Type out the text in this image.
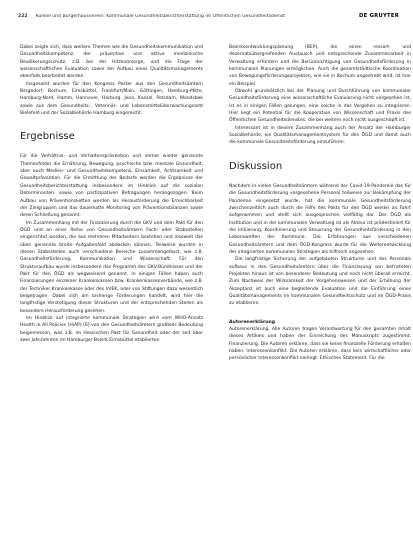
222 Kunkel und Bürgerhausverein: Kommunale Gesundheitsberichterstattung im Öffentlichen Gesundheitsdienst	DE GRUYTER

Dabei zeigte sich, dass weitere Themen wie die Gesundheitskommunikation und Gesundheitskompetenz, der präventive und aktive medizinische Bevölkerungsschutz, z.B. bei der Hitzevorsorge, und die Frage der wissenschaftlichen Evaluation sowie der Aufbau eines Qualitätsmanagements ebenfalls bearbeitet werden.

Insgesamt wurden für den Kongress Poster aus den Gesundheitsämtern Bergedorf, Bochum, Eimsbüttel, Frankfurt/Main, Göttingen, Hamburg-Mitte, Hamburg-Nord, Hamm, Hannover, Harburg, Jena, Kassel, Potsdam, Wandsbek sowie aus dem Gesundheits-, Veterinär- und Lebensmittelüberwachungsamt Bielefeld und der Sozialbehörde Hamburg eingereicht.

Ergebnisse

Für die Verhältnis- und Verhaltensprävention und immer wieder genannte Themenfelder die Ernährung, Bewegung, psychische bzw. mentale Gesundheit, aber auch Medien- und Gesundheitskompetenz, Einsamkeit, Achtsamkeit und Gewaltprävention. Für die Ermittlung der Bedarfe werden die Ergebnisse der Gesundheitsberichterstattung insbesondere im Hinblick auf die sozialen Determinanten, sowie von partizipativen Befragungen herangezogen. Beim Aufbau von Präventionsketten werden als Herausforderung die Erreichbarkeit der Zielgruppen und das dauerhafte Monitoring von Präventionsbilanzen sowie deren Schließung genannt.

Im Zusammenhang mit der Finanzierung durch die GKV und dem Pakt für den ÖGD und an einer Reihe von Gesundheitsämtern Fach- oder Stabsstellen eingerichtet worden, die aus mehreren Mitarbeitern bestehen und insoweit das oben genannte breite Aufgabenfeld abdecken können. Teilweise wurden in diesen Stabsstellen auch verschiedene Bereiche zusammengefasst, wie z.B. Gesundheitsförderung, Kommunikation und Wissenschaft. Für den Strukturaufbau wurde insbesondere das Programm des GKV-Bündnisses und der Pakt für den ÖGD als wegweisend genannt. In einigen Fällen haben auch Finanzierungen einzelner Krankenkassen bzw. Krankenkassenverbände, wie z.B. der Techniker Krankenkasse oder des VdEK, oder von Stiftungen dazu wesentlich beigetragen. Dabei sich am bisherige Förderungen handelt, wird hier die langfristige Verstetigung dieser Strukturen und der entsprechenden Stellen als besondere Herausforderung gesehen.

Im Hinblick auf integrierte kommunale Strategien wird vom WHO-Ansatz Health in All Policies (HiAP) [6] von den Gesundheitsämtern großteils Bedeutung beigemessen, was z.B. im Hessischen Pakt für Gesundheit oder der seit über zwei Jahrzehnten im Hamburger Bezirk Eimsbüttel etablierten

Bezirksentwicklungsplanung (BEP), die einen ressort- und dezernatsübergreifenden Austausch und entsprechende Zusammenarbeit in Verwaltung erfordern und die Berücksichtigung von Gesundheitsförderung in kommunalen Planungen ermöglichen. Auch die gesamtstädtische Koordination von Bewegungsförderungsprojekten, wie sie in Bochum angestrebt wird, ist hier ein Beispiel.

Obwohl grundsätzlich bei der Planung und Durchführung von kommunaler Gesundheitsförderung eine wissenschaftliche Evaluierung nicht vorgesehen ist, ist es in einigen Fällen gelungen, eine solche in das Vorgehen zu integrieren. Hier liegt ein Potential für die Kooperation von Wissenschaft und Praxis des Öffentlichen Gesundheitsdienstes, die bei weitem noch nicht ausgeschöpft ist.

Interessant ist in diesem Zusammenhang auch der Ansatz der Hamburger Sozialbehörde, ein Qualitätsmanagementsystem für den ÖGD und damit auch die kommunale Gesundheitsförderung einzuführen.

Diskussion

Nachdem in vielen Gesundheitsämtern während der Covid-19-Pandemie das für die Gesundheitsförderung vorgesehene Personal teilweise zur Bekämpfung der Pandemie eingesetzt wurde, hat die kommunale Gesundheitsförderung zwischenzeitlich auch durch die Hilfe des Pakts für den ÖGD wieder an Fahrt aufgenommen und stellt sich ausgesprochen vielfältig dar. Der ÖGD als Institution und in der kommunalen Verwaltung ist als Akteur ist prädestiniert für die Initiierung, Koordinierung und Steuerung der Gesundheitsförderung in den Lebenswelten der Kommune. Die Erfahrungen aus verschiedenen Gesundheitsämtern und dem ÖGD-Kongress wurde für die Weiterentwicklung der integrierten kommunalen Strategien als hilfreich angesehen.

Die langfristige Sicherung der aufgebauten Strukturen und des Personals aufbaus in den Gesundheitsämtern über die Finanzierung von befristeten Projekten hinaus ist von besonderer Bedeutung und noch nicht überall erreicht. Zum Nachweis der Wirksamkeit der Vorgehensweisen und der Erhöhung der Akzeptanz ist auch eine begleitende Evaluation und die Einführung eines Qualitätsmanagements im kommunalen Gesundheitsschutz und im ÖGD-Praxis zu etablieren.

Autorenerklärung

Autorenerklärung. Alle Autoren tragen Verantwortung für den gesamten Inhalt dieses Artikels und haben der Einreichung des Manuskripts zugestimmt. Finanzierung. Die Autoren erklären, dass sie keine finanzielle Förderung erhalten haben. Interessenkonflikt. Die Autoren erklären, dass kein wirtschaftlicher oder persönlicher Interessenkonflikt vorliegt. Ethisches Statement. Für die
